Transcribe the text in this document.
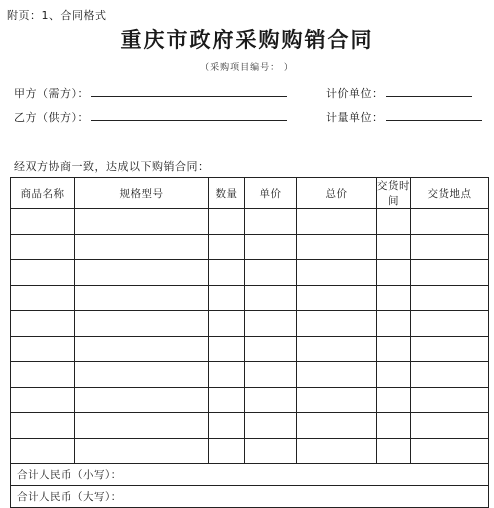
附页：1、合同格式
重庆市政府采购购销合同
（采购项目编号： ）
甲方（需方）：	计价单位：
乙方（供方）：	计量单位：
经双方协商一致，达成以下购销合同：
商品名称	规格型号	数量	单价	总价	交货时间	交货地点

合计人民币（小写）：						
合计人民币（大写）：						
